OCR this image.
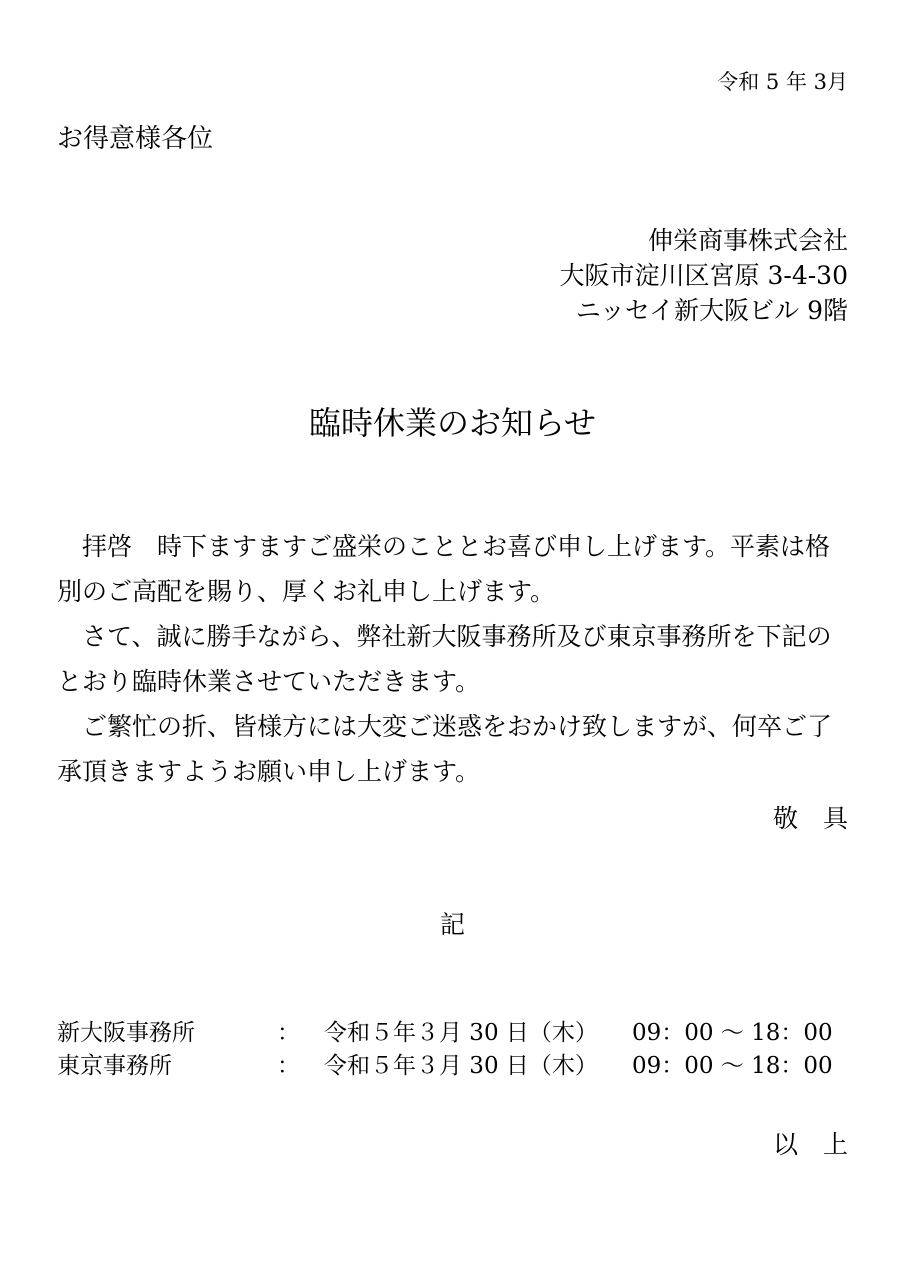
令和 5 年 3月
お得意様各位
伸栄商事株式会社
大阪市淀川区宮原 3-4-30
ニッセイ新大阪ビル 9階
臨時休業のお知らせ

拝啓　時下ますますご盛栄のこととお喜び申し上げます。平素は格別のご高配を賜り、厚くお礼申し上げます。

さて、誠に勝手ながら、弊社新大阪事務所及び東京事務所を下記のとおり臨時休業させていただきます。

ご繁忙の折、皆様方には大変ご迷惑をおかけ致しますが、何卒ご了承頂きますようお願い申し上げます。

敬　具
記
新大阪事務所	：	令和５年３月 30 日（木）	09：00 〜 18：00
東京事務所	：	令和５年３月 30 日（木）	09：00 〜 18：00
以　上
